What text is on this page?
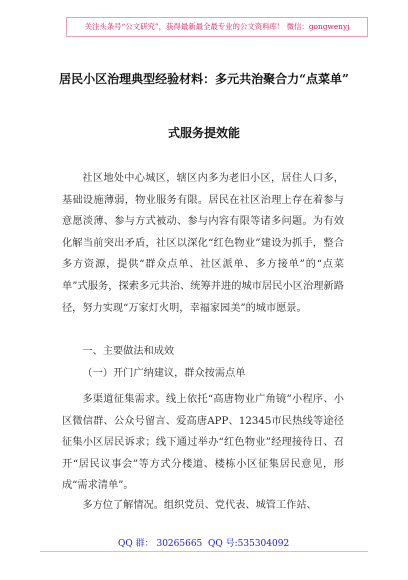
关注头条号“公文研究”，获得最新最全最专业的公文资料库！ 微信：gongwenyj
居民小区治理典型经验材料：多元共治聚合力“点菜单”
式服务提效能

社区地处中心城区，辖区内多为老旧小区，居住人口多，基础设施薄弱，物业服务有限。居民在社区治理上存在着参与意愿淡薄、参与方式被动、参与内容有限等诸多问题。为有效化解当前突出矛盾，社区以深化“红色物业”建设为抓手，整合多方资源，提供“群众点单、社区派单、多方接单”的“点菜单”式服务，探索多元共治、统筹并进的城市居民小区治理新路径，努力实现“万家灯火明，幸福家园美”的城市愿景。

一、主要做法和成效

（一）开门广纳建议，群众按需点单

多渠道征集需求。线上依托“高唐物业广角镜”小程序、小区微信群、公众号留言、爱高唐APP、12345市民热线等途径征集小区居民诉求；线下通过举办“红色物业”经理接待日、召开“居民议事会”等方式分楼道、楼栋小区征集居民意见，形成“需求清单”。

多方位了解情况。组织党员、党代表、城管工作站、

QQ 群： 30265665 QQ 号:535304092
